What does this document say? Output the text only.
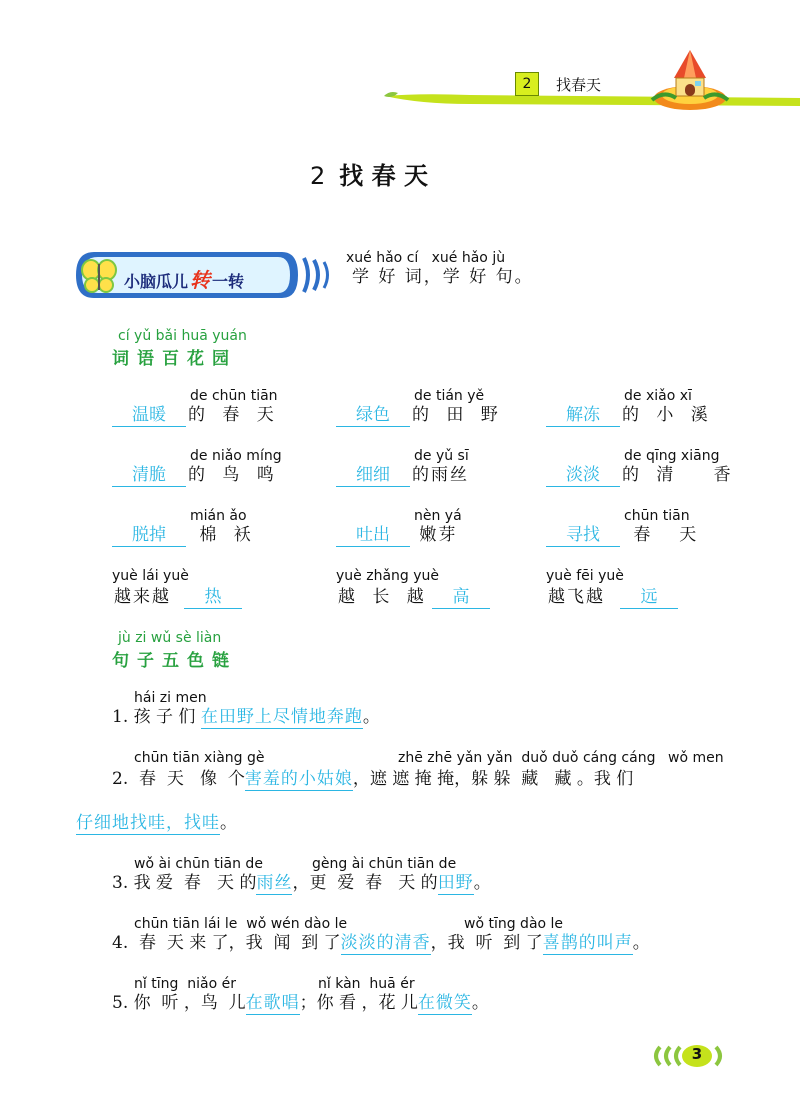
2	找春天
2 找 春 天
小脑瓜儿 转 一转
xué hǎo cí   xué hǎo jù
学 好 词，学 好 句。
cí yǔ bǎi huā yuán
词语百花园
de chūn tiān
温暖	的 春 天
de tián yě
绿色	的 田 野
de xiǎo xī
解冻	的 小 溪
de niǎo míng
清脆	的 鸟 鸣
de yǔ sī
细细	的雨丝
de qīng xiāng
淡淡	的 清   香
mián ǎo
脱掉	棉 袄
nèn yá
吐出	嫩芽
chūn tiān
寻找	春  天
yuè lái yuè
越来越	热
yuè zhǎng yuè
越 长 越	高
yuè fēi yuè
越飞越	远
jù zi wǔ sè liàn
句子五色链
hái zi men
1. 孩 子 们 在田野上尽情地奔跑。
chūn tiān xiàng gè	zhē zhē yǎn yǎn  duǒ duǒ cáng cáng wǒ men
2.  春  天   像  个害羞的小姑娘，遮 遮 掩 掩，躲 躲  藏   藏 。我 们
仔细地找哇，找哇。
wǒ ài chūn tiān de	gèng ài chūn tiān de
3. 我 爱  春   天 的雨丝，更  爱  春   天 的田野。
chūn tiān lái le  wǒ wén dào le	wǒ tīng dào le
4.  春  天 来 了，我  闻  到 了淡淡的清香，我  听  到 了喜鹊的叫声。
nǐ tīng  niǎo ér	nǐ kàn  huā ér
5. 你  听 ，鸟  儿在歌唱；你 看 ，花 儿在微笑。
3
